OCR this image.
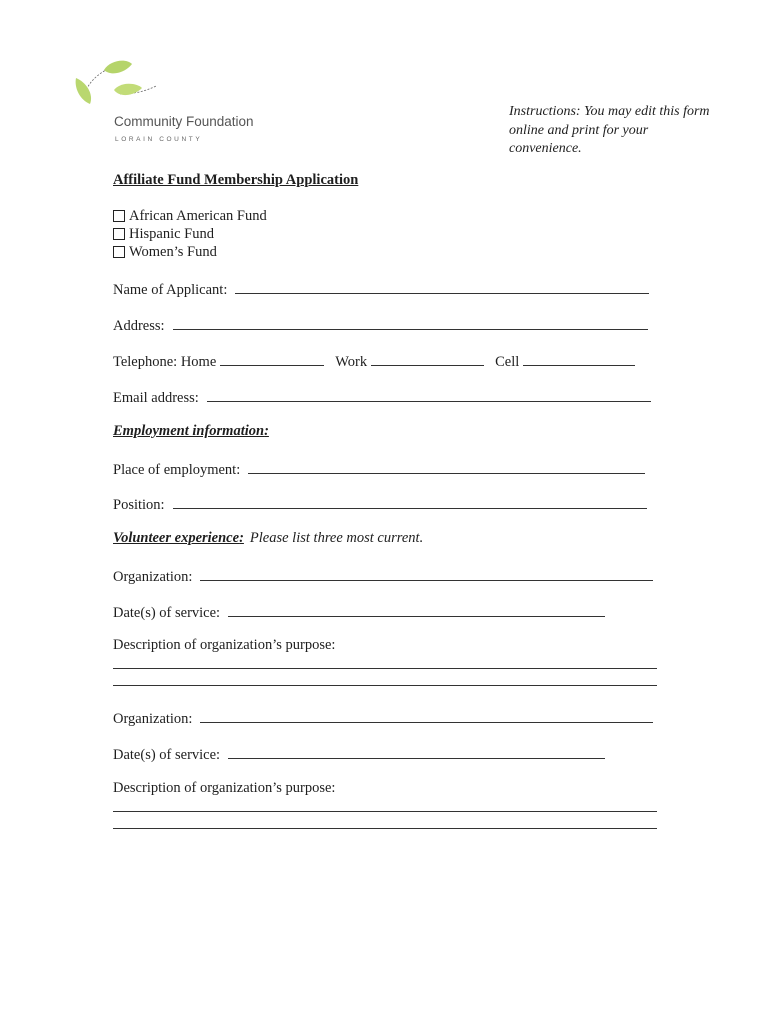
Community Foundation
LORAIN COUNTY
Instructions: You may edit this form online and print for your convenience.
Affiliate Fund Membership Application
African American Fund
Hispanic Fund
Women’s Fund
Name of Applicant:
Address:
Telephone: Home	Work	Cell
Email address:
Employment information :
Place of employment:
Position:
Volunteer experience : Please list three most current.
Organization:
Date(s) of service:
Description of organization’s purpose:
Organization:
Date(s) of service:
Description of organization’s purpose:
